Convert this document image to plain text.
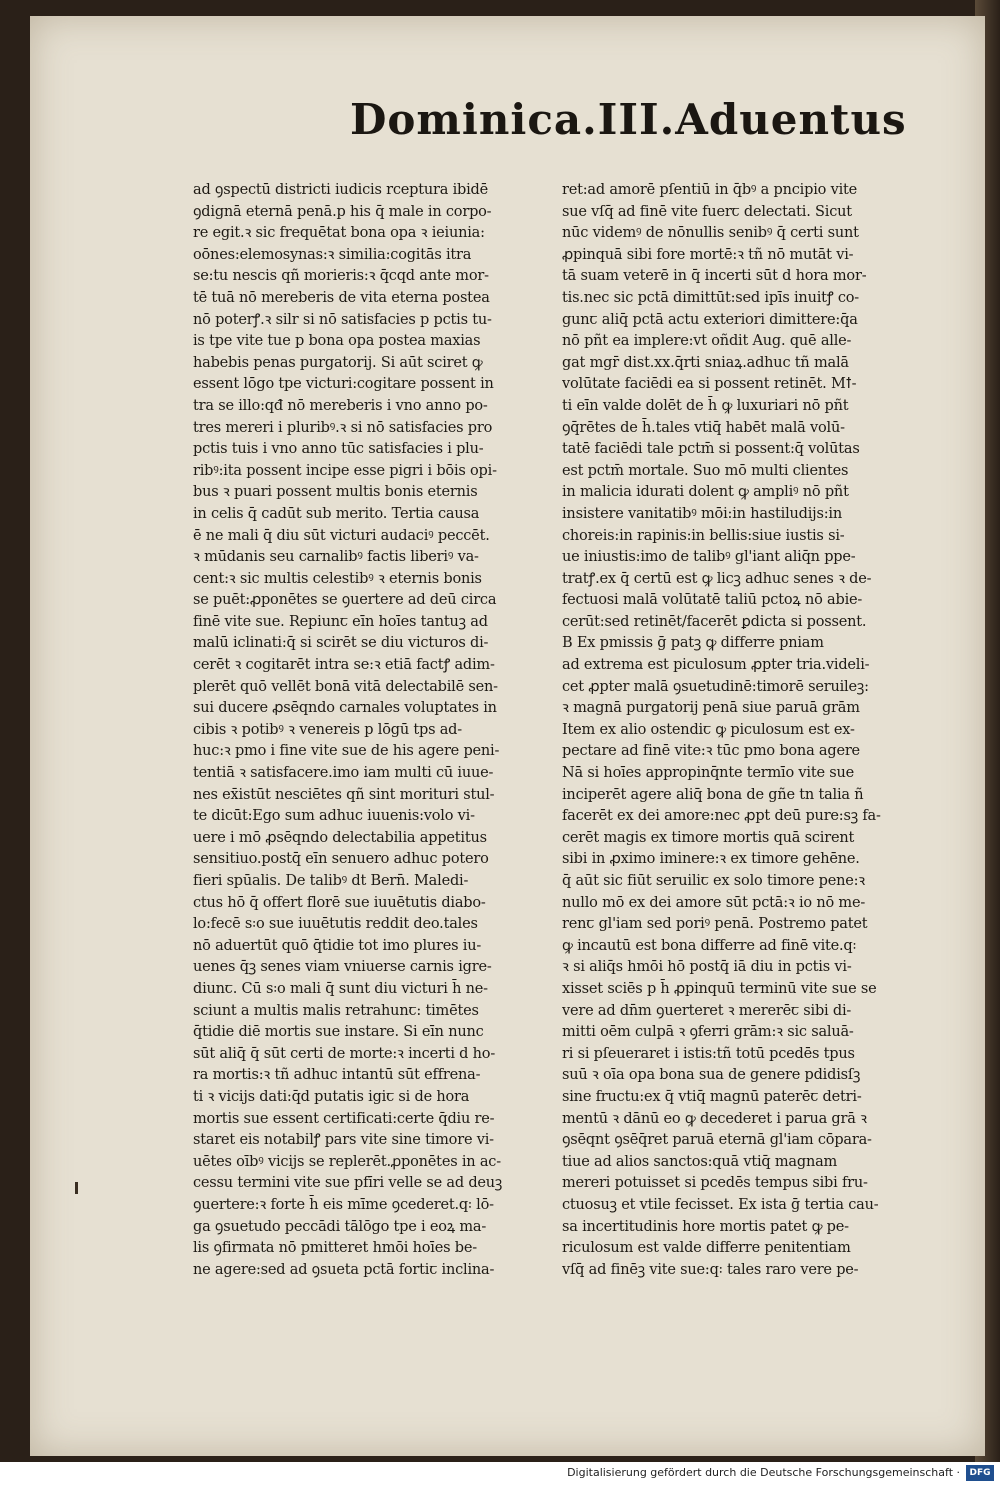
Dominica.III.Aduentus
ad ꝯspectū districti iudicis rceptura ibidē
ꝯdignā eternā penā.p his q̄ male in corpo-
re egit.ꝛ sic frequētat bona opa ꝛ ieiunia:
oōnes:elemosynas:ꝛ similia:cogitās itra
se:tu nescis qñ morieris:ꝛ q̄cqd ante mor-
tē tuā nō mereberis de vita eterna postea
nō poterꝭ.ꝛ silr si nō satisfacies p pctis tu-
is tpe vite tue p bona opa postea maxias
habebis penas purgatorij. Si aūt sciret ꝙ
essent lōgo tpe victuri:cogitare possent in
tra se illo:qđ nō mereberis i vno anno po-
tres mereri i pluribꝰ.ꝛ si nō satisfacies pro
pctis tuis i vno anno tūc satisfacies i plu-
ribꝰ:ita possent incipe esse pigri i bōis opi-
bus ꝛ puari possent multis bonis eternis
in celis q̄ cadūt sub merito. Tertia causa
ē ne mali q̄ diu sūt victuri audaciꝰ peccēt.
ꝛ mūdanis seu carnalibꝰ factis liberiꝰ va-
cent:ꝛ sic multis celestibꝰ ꝛ eternis bonis
se puēt:ꝓponētes se ꝯuertere ad deū circa
finē vite sue. Repiunꞇ eīn hoīes tantuꝫ ad
malū iclinati:q̄ si scirēt se diu victuros di-
cerēt ꝛ cogitarēt intra se:ꝛ etiā factꝭ adim-
plerēt quō vellēt bonā vitā delectabilē sen-
sui ducere ꝓsēqndo carnales voluptates in
cibis ꝛ potibꝰ ꝛ venereis p lōgū tps ad-
huc:ꝛ pmo i fine vite sue de his agere peni-
tentiā ꝛ satisfacere.imo iam multi cū iuue-
nes ex̄istūt nesciētes qñ sint morituri stul-
te dicūt:Ego sum adhuc iuuenis:volo vi-
uere i mō ꝓsēqndo delectabilia appetitus
sensitiuo.postq̄ eīn senuero adhuc potero
fieri spūalis. De talibꝰ dt Bern̄. Maledi-
ctus hō q̄ offert florē sue iuuētutis diabo-
lo:fecē s꞉o sue iuuētutis reddit deo.tales
nō aduertūt quō q̄tidie tot imo plures iu-
uenes q̄ꝫ senes viam vniuerse carnis igre-
diunꞇ. Cū s꞉o mali q̄ sunt diu victuri h̄ ne-
sciunt a multis malis retrahunꞇ: timētes
q̄tidie diē mortis sue instare. Si eīn nunc
sūt aliq̄ q̄ sūt certi de morte:ꝛ incerti d ho-
ra mortis:ꝛ tñ adhuc intantū sūt effrena-
ti ꝛ vicijs dati:q̄d putatis igiꞇ si de hora
mortis sue essent certificati:certe q̄diu re-
staret eis notabilꝭ pars vite sine timore vi-
uētes oībꝰ vicijs se replerēt.ꝓponētes in ac-
cessu termini vite sue pfīri velle se ad deuꝫ
ꝯuertere:ꝛ forte h̄ eis mīme ꝯcederet.q꞉ lō-
ga ꝯsuetudo peccādi tālōgo tpe i eoꝝ ma-
lis ꝯfirmata nō pmitteret hmōi hoīes be-
ne agere:sed ad ꝯsueta pctā fortiꞇ inclina-
ret:ad amorē pſentiū in q̄bꝰ a pncipio vite
sue vſq̄ ad finē vite fuerꞇ delectati. Sicut
nūc videmꝰ de nōnullis senibꝰ q̄ certi sunt
ꝓpinquā sibi fore mortē:ꝛ tñ nō mutāt vi-
tā suam veterē in q̄ incerti sūt d hora mor-
tis.nec sic pctā dimittūt:sed ipīs inuitꝭ co-
gunꞇ aliq̄ pctā actu exteriori dimittere:q̄a
nō pñt ea implere:vt oñdit Aug. quē alle-
gat mgr̄ dist.xx.q̄rti sniaꝝ.adhuc tñ malā
volūtate faciēdi ea si possent retinēt. Mꝉ-
ti eīn valde dolēt de h̄ ꝙ luxuriari nō pñt
ꝯq̄rētes de h̄.tales vtiq̄ habēt malā volū-
tatē faciēdi tale pctm̄ si possent:q̄ volūtas
est pctm̄ mortale. Suo mō multi clientes
in malicia idurati dolent ꝙ ampliꝰ nō pñt
insistere vanitatibꝰ mōi:in hastiludijs:in
choreis:in rapinis:in bellis:siue iustis si-
ue iniustis:imo de talibꝰ gl'iant aliq̄n ppe-
tratꝭ.ex q̄ certū est ꝙ licꝫ adhuc senes ꝛ de-
fectuosi malā volūtatē taliū pctoꝝ nō abie-
cerūt:sed retinēt/facerēt ꝑdicta si possent.
B Ex pmissis ḡ patꝫ ꝙ differre pniam
ad extrema est piculosum ꝓpter tria.videli-
cet ꝓpter malā ꝯsuetudinē:timorē seruileꝫ:
ꝛ magnā purgatorij penā siue paruā grām
Item ex alio ostendiꞇ ꝙ piculosum est ex-
pectare ad finē vite:ꝛ tūc pmo bona agere
Nā si hoīes appropinq̄nte termīo vite sue
inciperēt agere aliq̄ bona de gñe tn talia ñ
facerēt ex dei amore:nec ꝓpt deū pure:sꝫ fa-
cerēt magis ex timore mortis quā scirent
sibi in ꝓximo iminere:ꝛ ex timore gehēne.
q̄ aūt sic fiūt seruiliꞇ ex solo timore pene:ꝛ
nullo mō ex dei amore sūt pctā:ꝛ io nō me-
renꞇ gl'iam sed poriꝰ penā. Postremo patet
ꝙ incautū est bona differre ad finē vite.q꞉
ꝛ si aliq̄s hmōi hō postq̄ iā diu in pctis vi-
xisset sciēs p h̄ ꝓpinquū terminū vite sue se
vere ad dn̄m ꝯuerteret ꝛ mererēꞇ sibi di-
mitti oēm culpā ꝛ ꝯferri grām:ꝛ sic saluā-
ri si pſeueraret i istis:tñ totū pcedēs tpus
suū ꝛ oīa opa bona sua de genere pdidisſꝫ
sine fructu:ex q̄ vtiq̄ magnū paterēꞇ detri-
mentū ꝛ dānū eo ꝙ decederet i parua grā ꝛ
ꝯsēqnt ꝯsēq̄ret paruā eternā gl'iam cōpara-
tiue ad alios sanctos:quā vtiq̄ magnam
mereri potuisset si pcedēs tempus sibi fru-
ctuosuꝫ et vtile fecisset. Ex ista ḡ tertia cau-
sa incertitudinis hore mortis patet ꝙ pe-
riculosum est valde differre penitentiam
vſq̄ ad finēꝫ vite sue:q꞉ tales raro vere pe-
Digitalisierung gefördert durch die Deutsche Forschungsgemeinschaft ·	DFG
